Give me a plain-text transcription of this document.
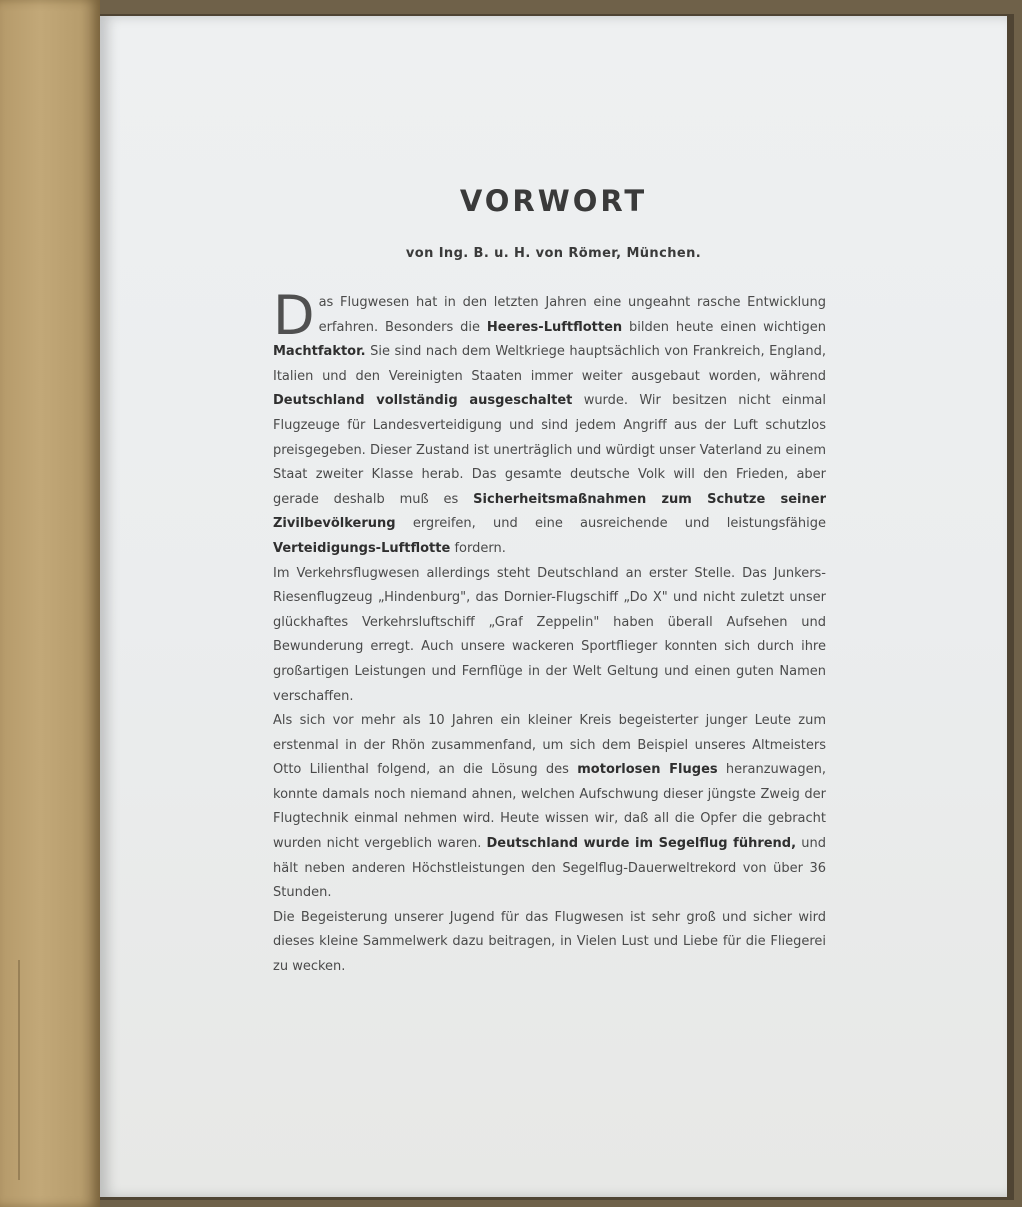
VORWORT

von Ing. B. u. H. von Römer, München.

Das Flugwesen hat in den letzten Jahren eine ungeahnt rasche Entwicklung erfahren. Besonders die Heeres-Luftflotten bilden heute einen wichtigen Machtfaktor. Sie sind nach dem Weltkriege hauptsächlich von Frankreich, England, Italien und den Vereinigten Staaten immer weiter ausgebaut worden, während Deutschland vollständig ausgeschaltet wurde. Wir besitzen nicht einmal Flugzeuge für Landesverteidigung und sind jedem Angriff aus der Luft schutzlos preisgegeben. Dieser Zustand ist unerträglich und würdigt unser Vaterland zu einem Staat zweiter Klasse herab. Das gesamte deutsche Volk will den Frieden, aber gerade deshalb muß es Sicherheitsmaßnahmen zum Schutze seiner Zivilbevölkerung ergreifen, und eine ausreichende und leistungsfähige Verteidigungs-Luftflotte fordern.

Im Verkehrsflugwesen allerdings steht Deutschland an erster Stelle. Das Junkers-Riesenflugzeug „Hindenburg", das Dornier-Flugschiff „Do X" und nicht zuletzt unser glückhaftes Verkehrsluftschiff „Graf Zeppelin" haben überall Aufsehen und Bewunderung erregt. Auch unsere wackeren Sportflieger konnten sich durch ihre großartigen Leistungen und Fernflüge in der Welt Geltung und einen guten Namen verschaffen.

Als sich vor mehr als 10 Jahren ein kleiner Kreis begeisterter junger Leute zum erstenmal in der Rhön zusammenfand, um sich dem Beispiel unseres Altmeisters Otto Lilienthal folgend, an die Lösung des motorlosen Fluges heranzuwagen, konnte damals noch niemand ahnen, welchen Aufschwung dieser jüngste Zweig der Flugtechnik einmal nehmen wird. Heute wissen wir, daß all die Opfer die gebracht wurden nicht vergeblich waren. Deutschland wurde im Segelflug führend, und hält neben anderen Höchstleistungen den Segelflug-Dauerweltrekord von über 36 Stunden.

Die Begeisterung unserer Jugend für das Flugwesen ist sehr groß und sicher wird dieses kleine Sammelwerk dazu beitragen, in Vielen Lust und Liebe für die Fliegerei zu wecken.
